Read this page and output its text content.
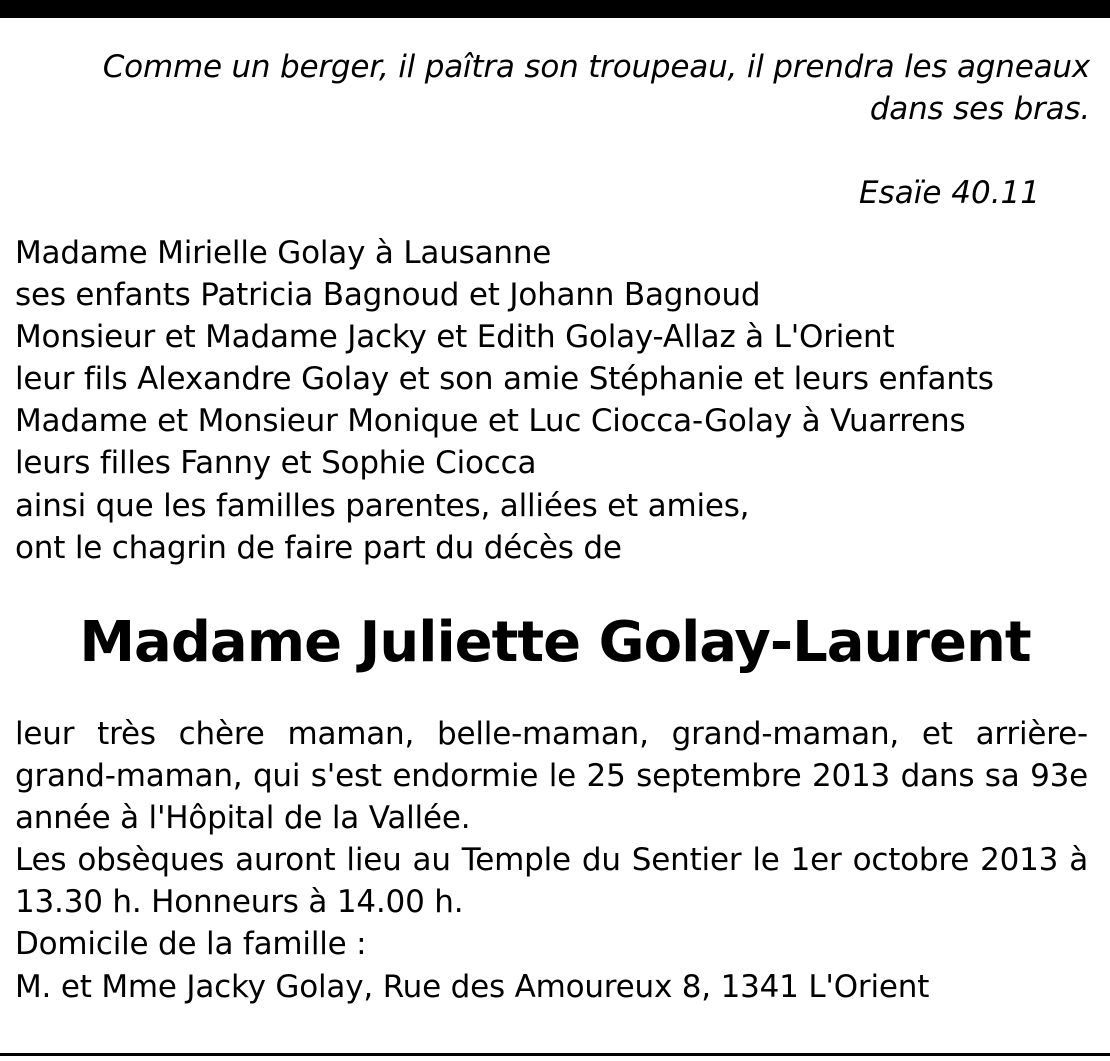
Comme un berger, il paîtra son troupeau, il prendra les agneaux dans ses bras.
Esaïe 40.11
Madame Mirielle Golay à Lausanne
ses enfants Patricia Bagnoud et Johann Bagnoud
Monsieur et Madame Jacky et Edith Golay-Allaz à L'Orient
leur fils Alexandre Golay et son amie Stéphanie et leurs enfants
Madame et Monsieur Monique et Luc Ciocca-Golay à Vuarrens
leurs filles Fanny et Sophie Ciocca
ainsi que les familles parentes, alliées et amies,
ont le chagrin de faire part du décès de
Madame Juliette Golay-Laurent

leur très chère maman, belle-maman, grand-maman, et arrière-grand-maman, qui s'est endormie le 25 septembre 2013 dans sa 93e année à l'Hôpital de la Vallée.

Les obsèques auront lieu au Temple du Sentier le 1er octobre 2013 à 13.30 h. Honneurs à 14.00 h.

Domicile de la famille :

M. et Mme Jacky Golay, Rue des Amoureux 8, 1341 L'Orient
